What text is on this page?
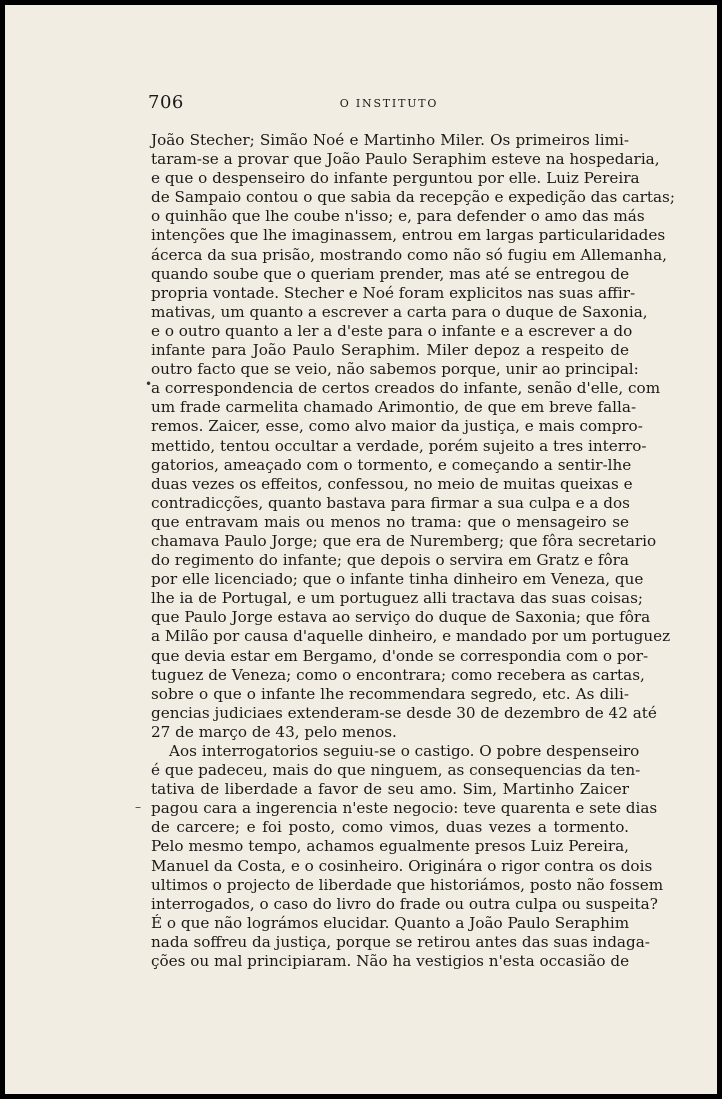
706	O INSTITUTO
João Stecher; Simão Noé e Martinho Miler. Os primeiros limi-
taram-se a provar que João Paulo Seraphim esteve na hospedaria,
e que o despenseiro do infante perguntou por elle. Luiz Pereira
de Sampaio contou o que sabia da recepção e expedição das cartas;
o quinhão que lhe coube n'isso; e, para defender o amo das más
intenções que lhe imaginassem, entrou em largas particularidades
ácerca da sua prisão, mostrando como não só fugiu em Allemanha,
quando soube que o queriam prender, mas até se entregou de
propria vontade. Stecher e Noé foram explicitos nas suas affir-
mativas, um quanto a escrever a carta para o duque de Saxonia,
e o outro quanto a ler a d'este para o infante e a escrever a do
infante para João Paulo Seraphim. Miler depoz a respeito de
outro facto que se veio, não sabemos porque, unir ao principal:
a correspondencia de certos creados do infante, senão d'elle, com
um frade carmelita chamado Arimontio, de que em breve falla-
remos. Zaicer, esse, como alvo maior da justiça, e mais compro-
mettido, tentou occultar a verdade, porém sujeito a tres interro-
gatorios, ameaçado com o tormento, e começando a sentir-lhe
duas vezes os effeitos, confessou, no meio de muitas queixas e
contradicções, quanto bastava para firmar a sua culpa e a dos
que entravam mais ou menos no trama: que o mensageiro se
chamava Paulo Jorge; que era de Nuremberg; que fôra secretario
do regimento do infante; que depois o servira em Gratz e fôra
por elle licenciado; que o infante tinha dinheiro em Veneza, que
lhe ia de Portugal, e um portuguez alli tractava das suas coisas;
que Paulo Jorge estava ao serviço do duque de Saxonia; que fôra
a Milão por causa d'aquelle dinheiro, e mandado por um portuguez
que devia estar em Bergamo, d'onde se correspondia com o por-
tuguez de Veneza; como o encontrara; como recebera as cartas,
sobre o que o infante lhe recommendara segredo, etc. As dili-
gencias judiciaes extenderam-se desde 30 de dezembro de 42 até
27 de março de 43, pelo menos.
Aos interrogatorios seguiu-se o castigo. O pobre despenseiro
é que padeceu, mais do que ninguem, as consequencias da ten-
tativa de liberdade a favor de seu amo. Sim, Martinho Zaicer
pagou cara a ingerencia n'este negocio: teve quarenta e sete dias
de carcere; e foi posto, como vimos, duas vezes a tormento.
Pelo mesmo tempo, achamos egualmente presos Luiz Pereira,
Manuel da Costa, e o cosinheiro. Originára o rigor contra os dois
ultimos o projecto de liberdade que historiámos, posto não fossem
interrogados, o caso do livro do frade ou outra culpa ou suspeita?
É o que não lográmos elucidar. Quanto a João Paulo Seraphim
nada soffreu da justiça, porque se retirou antes das suas indaga-
ções ou mal principiaram. Não ha vestigios n'esta occasião de
•
–
